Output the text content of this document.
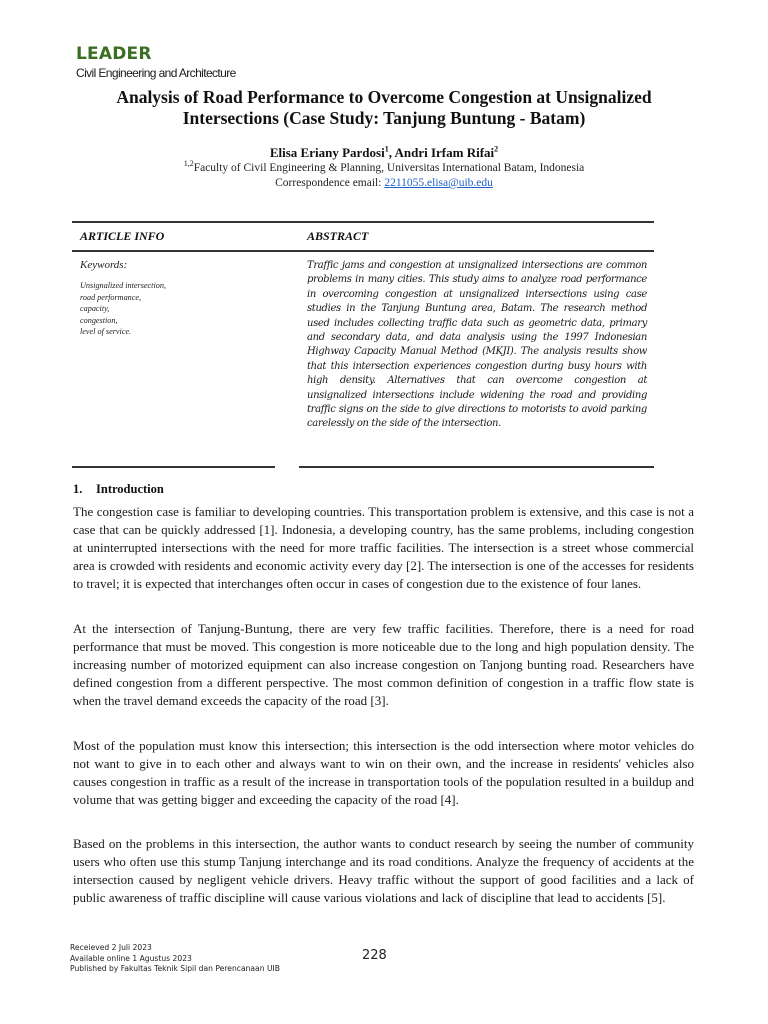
LEADER
Civil Engineering and Architecture
Analysis of Road Performance to Overcome Congestion at Unsignalized
Intersections (Case Study: Tanjung Buntung - Batam)
Elisa Eriany Pardosi$^1$, Andri Irfam Rifai$^2$
$^{1,2}$Faculty of Civil Engineering & Planning, Universitas International Batam, Indonesia
Correspondence email: 2211055.elisa@uib.edu
ARTICLE INFO	ABSTRACT
Keywords:
Unsignalized intersection,
road performance,
capacity,
congestion,
level of service.

Traffic jams and congestion at unsignalized intersections are common problems in many cities. This study aims to analyze road performance in overcoming congestion at unsignalized intersections using case studies in the Tanjung Buntung area, Batam. The research method used includes collecting traffic data such as geometric data, primary and secondary data, and data analysis using the 1997 Indonesian Highway Capacity Manual Method (MKJI). The analysis results show that this intersection experiences congestion during busy hours with high density. Alternatives that can overcome congestion at unsignalized intersections include widening the road and providing traffic signs on the side to give directions to motorists to avoid parking carelessly on the side of the intersection.

1. Introduction

The congestion case is familiar to developing countries. This transportation problem is extensive, and this case is not a case that can be quickly addressed [1]. Indonesia, a developing country, has the same problems, including congestion at uninterrupted intersections with the need for more traffic facilities. The intersection is a street whose commercial area is crowded with residents and economic activity every day [2]. The intersection is one of the accesses for residents to travel; it is expected that interchanges often occur in cases of congestion due to the existence of four lanes.

At the intersection of Tanjung-Buntung, there are very few traffic facilities. Therefore, there is a need for road performance that must be moved. This congestion is more noticeable due to the long and high population density. The increasing number of motorized equipment can also increase congestion on Tanjong bunting road. Researchers have defined congestion from a different perspective. The most common definition of congestion in a traffic flow state is when the travel demand exceeds the capacity of the road [3].

Most of the population must know this intersection; this intersection is the odd intersection where motor vehicles do not want to give in to each other and always want to win on their own, and the increase in residents' vehicles also causes congestion in traffic as a result of the increase in transportation tools of the population resulted in a buildup and volume that was getting bigger and exceeding the capacity of the road [4].

Based on the problems in this intersection, the author wants to conduct research by seeing the number of community users who often use this stump Tanjung interchange and its road conditions. Analyze the frequency of accidents at the intersection caused by negligent vehicle drivers. Heavy traffic without the support of good facilities and a lack of public awareness of traffic discipline will cause various violations and lack of discipline that lead to accidents [5].

Receieved 2 Juli 2023
Available online 1 Agustus 2023
Published by Fakultas Teknik Sipil dan Perencanaan UIB
228
